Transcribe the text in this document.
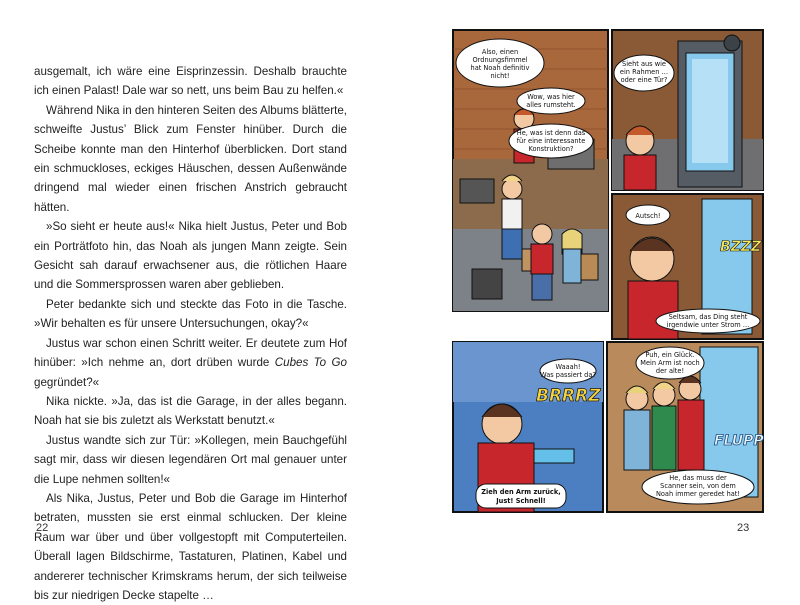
ausgemalt, ich wäre eine Eisprinzessin. Deshalb brauchte ich einen Palast! Dale war so nett, uns beim Bau zu helfen.«

Während Nika in den hinteren Seiten des Albums blätterte, schweifte Justus’ Blick zum Fenster hinüber. Durch die Scheibe konnte man den Hinterhof überblicken. Dort stand ein schmuckloses, eckiges Häuschen, dessen Außenwände dringend mal wieder einen frischen Anstrich gebraucht hätten.

»So sieht er heute aus!« Nika hielt Justus, Peter und Bob ein Porträtfoto hin, das Noah als jungen Mann zeigte. Sein Gesicht sah darauf erwachsener aus, die rötlichen Haare und die Sommersprossen waren aber geblieben.

Peter bedankte sich und steckte das Foto in die Tasche. »Wir behalten es für unsere Untersuchungen, okay?«

Justus war schon einen Schritt weiter. Er deutete zum Hof hinüber: »Ich nehme an, dort drüben wurde Cubes To Go gegründet?«

Nika nickte. »Ja, das ist die Garage, in der alles begann. Noah hat sie bis zuletzt als Werkstatt benutzt.«

Justus wandte sich zur Tür: »Kollegen, mein Bauchgefühl sagt mir, dass wir diesen legendären Ort mal genauer unter die Lupe nehmen sollten!«

Als Nika, Justus, Peter und Bob die Garage im Hinterhof betraten, mussten sie erst einmal schlucken. Der kleine Raum war über und über vollgestopft mit Computerteilen. Überall lagen Bildschirme, Tastaturen, Platinen, Kabel und andererer technischer Krimskrams herum, der sich teilweise bis zur niedrigen Decke stapelte …

22	23
Also, einen Ordnungsfimmel hat Noah definitiv nicht!
Wow, was hier alles rumsteht.
He, was ist denn das für eine interessante Konstruktion?
Sieht aus wie ein Rahmen … oder eine Tür?
BZZZ
Autsch!
Seltsam, das Ding steht irgendwie unter Strom …
BRRRZ
Waaah! Was passiert da?
Zieh den Arm zurück, Just! Schnell!
FLUPP
Puh, ein Glück. Mein Arm ist noch der alte!
He, das muss der Scanner sein, von dem Noah immer geredet hat!
